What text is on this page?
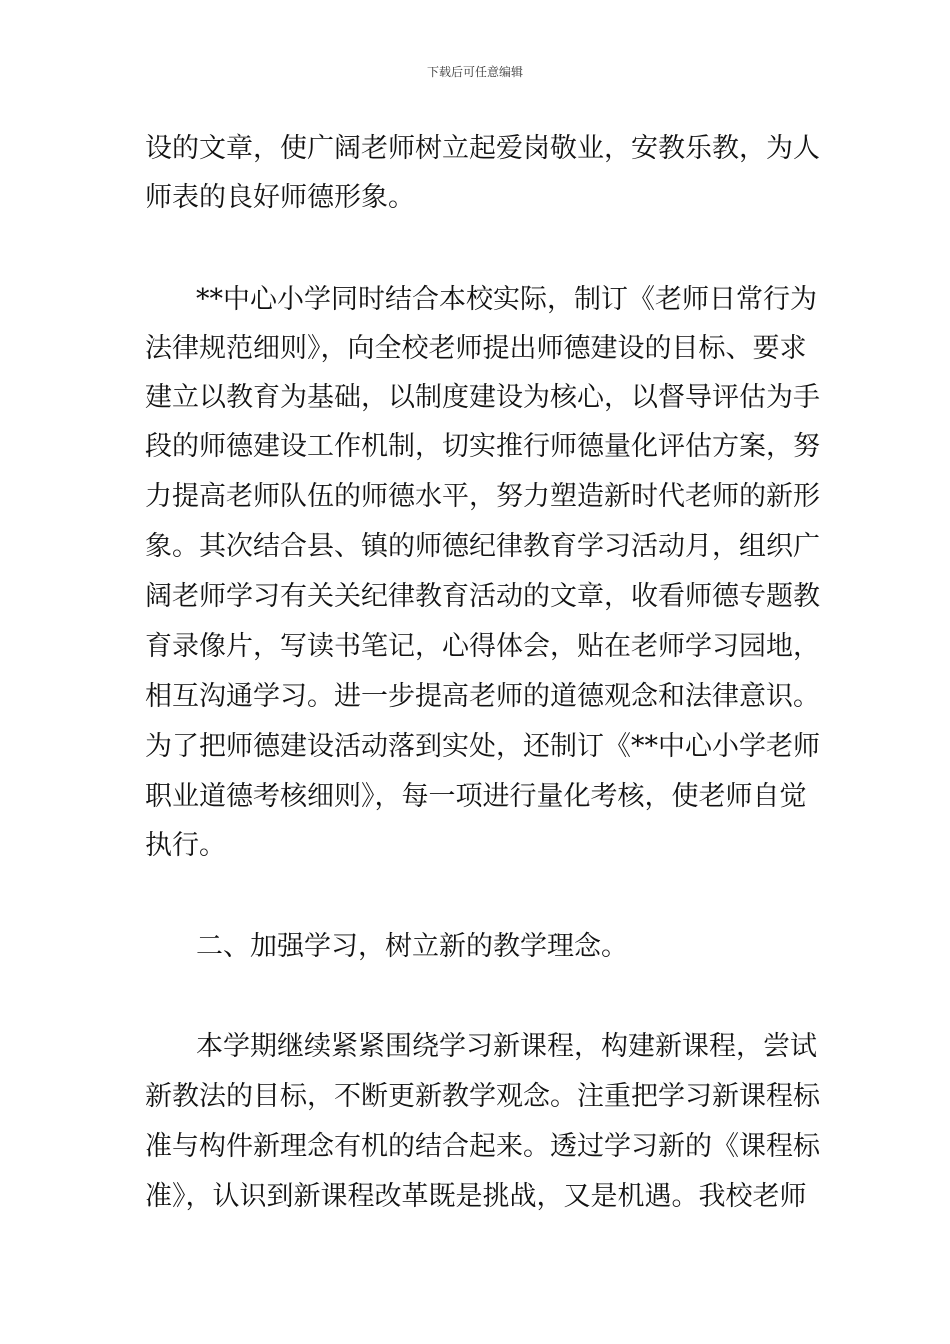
下载后可任意编辑
设的文章，使广阔老师树立起爱岗敬业，安教乐教，为人
师表的良好师德形象。
**中心小学同时结合本校实际，制订《老师日常行为
法律规范细则》，向全校老师提出师德建设的目标、要求
建立以教育为基础，以制度建设为核心，以督导评估为手
段的师德建设工作机制，切实推行师德量化评估方案，努
力提高老师队伍的师德水平，努力塑造新时代老师的新形
象。其次结合县、镇的师德纪律教育学习活动月，组织广
阔老师学习有关关纪律教育活动的文章，收看师德专题教
育录像片，写读书笔记，心得体会，贴在老师学习园地，
相互沟通学习。进一步提高老师的道德观念和法律意识。
为了把师德建设活动落到实处，还制订《**中心小学老师
职业道德考核细则》，每一项进行量化考核，使老师自觉
执行。
二、加强学习，树立新的教学理念。
本学期继续紧紧围绕学习新课程，构建新课程，尝试
新教法的目标，不断更新教学观念。注重把学习新课程标
准与构件新理念有机的结合起来。透过学习新的《课程标
准》，认识到新课程改革既是挑战，又是机遇。我校老师
